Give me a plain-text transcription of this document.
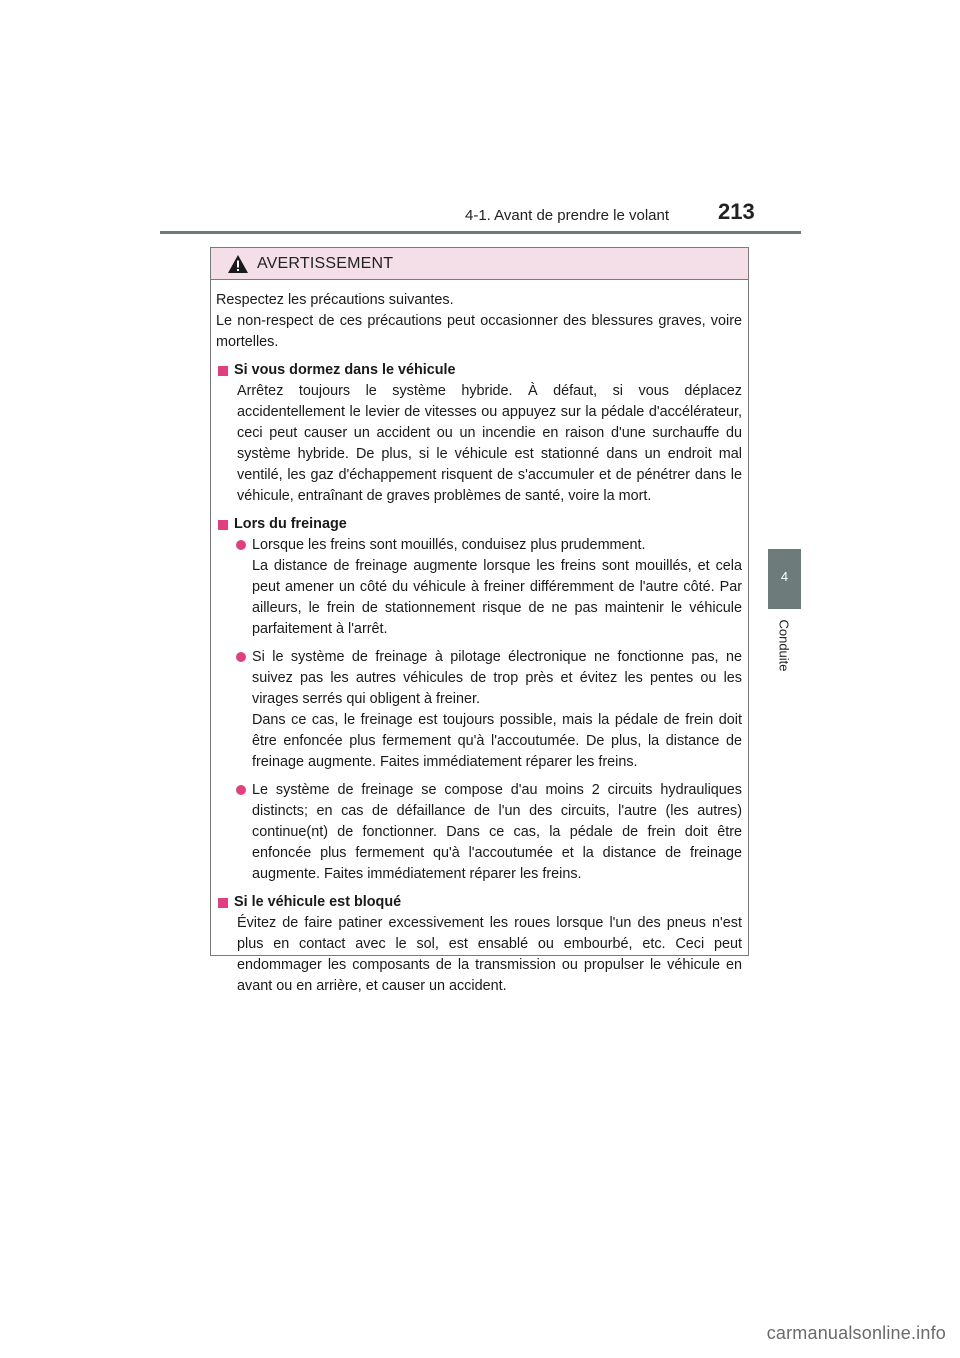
4-1. Avant de prendre le volant 213
4
Conduite
AVERTISSEMENT

Respectez les précautions suivantes.

Le non-respect de ces précautions peut occasionner des blessures graves, voire mortelles.

Si vous dormez dans le véhicule

Arrêtez toujours le système hybride. À défaut, si vous déplacez accidentellement le levier de vitesses ou appuyez sur la pédale d'accélérateur, ceci peut causer un accident ou un incendie en raison d'une surchauffe du système hybride. De plus, si le véhicule est stationné dans un endroit mal ventilé, les gaz d'échappement risquent de s'accumuler et de pénétrer dans le véhicule, entraînant de graves problèmes de santé, voire la mort.

Lors du freinage

Lorsque les freins sont mouillés, conduisez plus prudemment.

La distance de freinage augmente lorsque les freins sont mouillés, et cela peut amener un côté du véhicule à freiner différemment de l'autre côté. Par ailleurs, le frein de stationnement risque de ne pas maintenir le véhicule parfaitement à l'arrêt.

Si le système de freinage à pilotage électronique ne fonctionne pas, ne suivez pas les autres véhicules de trop près et évitez les pentes ou les virages serrés qui obligent à freiner.

Dans ce cas, le freinage est toujours possible, mais la pédale de frein doit être enfoncée plus fermement qu'à l'accoutumée. De plus, la distance de freinage augmente. Faites immédiatement réparer les freins.

Le système de freinage se compose d'au moins 2 circuits hydrauliques distincts; en cas de défaillance de l'un des circuits, l'autre (les autres) continue(nt) de fonctionner. Dans ce cas, la pédale de frein doit être enfoncée plus fermement qu'à l'accoutumée et la distance de freinage augmente. Faites immédiatement réparer les freins.

Si le véhicule est bloqué

Évitez de faire patiner excessivement les roues lorsque l'un des pneus n'est plus en contact avec le sol, est ensablé ou embourbé, etc. Ceci peut endommager les composants de la transmission ou propulser le véhicule en avant ou en arrière, et causer un accident.

carmanualsonline.info
